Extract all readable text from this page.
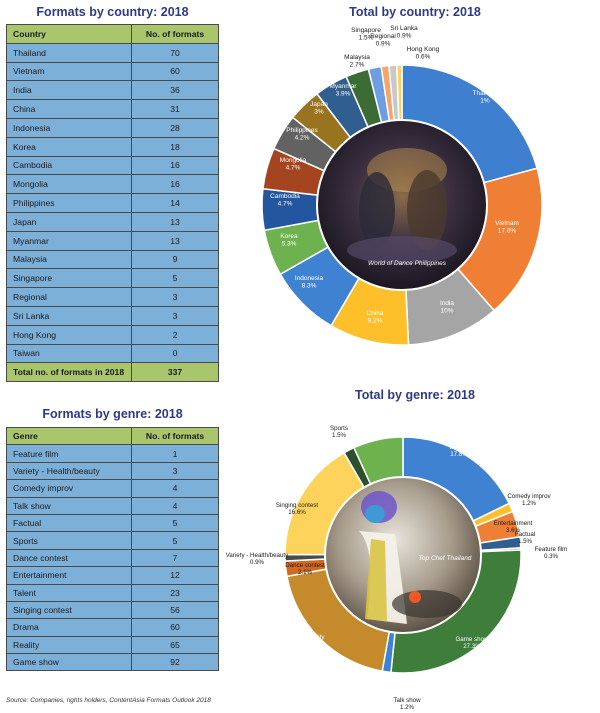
Formats by country: 2018	Total by country: 2018
Formats by genre: 2018
Total by genre: 2018
Country	No. of formats
Thailand	70
Vietnam	60
India	36
China	31
Indonesia	28
Korea	18
Cambodia	16
Mongolia	16
Philippines	14
Japan	13
Myanmar	13
Malaysia	9
Singapore	5
Regional	3
Sri Lanka	3
Hong Kong	2
Taiwan	0
Total no. of formats in 2018	337
Genre	No. of formats
Feature film	1
Variety - Health/beauty	3
Comedy improv	4
Talk show	4
Factual	5
Sports	5
Dance contest	7
Entertainment	12
Talent	23
Singing contest	56
Drama	60
Reality	65
Game show	92
Thailand 1%
Vietnam 17.8%
India 10%
China 9.2%
Indonesia 8.3%
Korea 5.3%
Cambodia 4.7%
Mongolia 4.7%
Philippines 4.2%
Japan 3%
Myanmar 3.9%
Malaysia 2.7%
Singapore 1.5%
Regional 0.9%
Sri Lanka 0.9%
Hong Kong 0.6%
World of Dance Philippines
Drama 17.8%
Comedy improv 1.2%
Entertainment 3.6%
Factual 1.5%
Feature film 0.3%
Game show 27.3%
Talk show 1.2%
Reality 19.3%
Dance contest 2.1%
Variety - Health/beauty 0.9%
Singing contest 16.6%
Sports 1.5%
Talent 6.8%
Top Chef Thailand
Source: Companies, rights holders, ContentAsia Formats Outlook 2018
